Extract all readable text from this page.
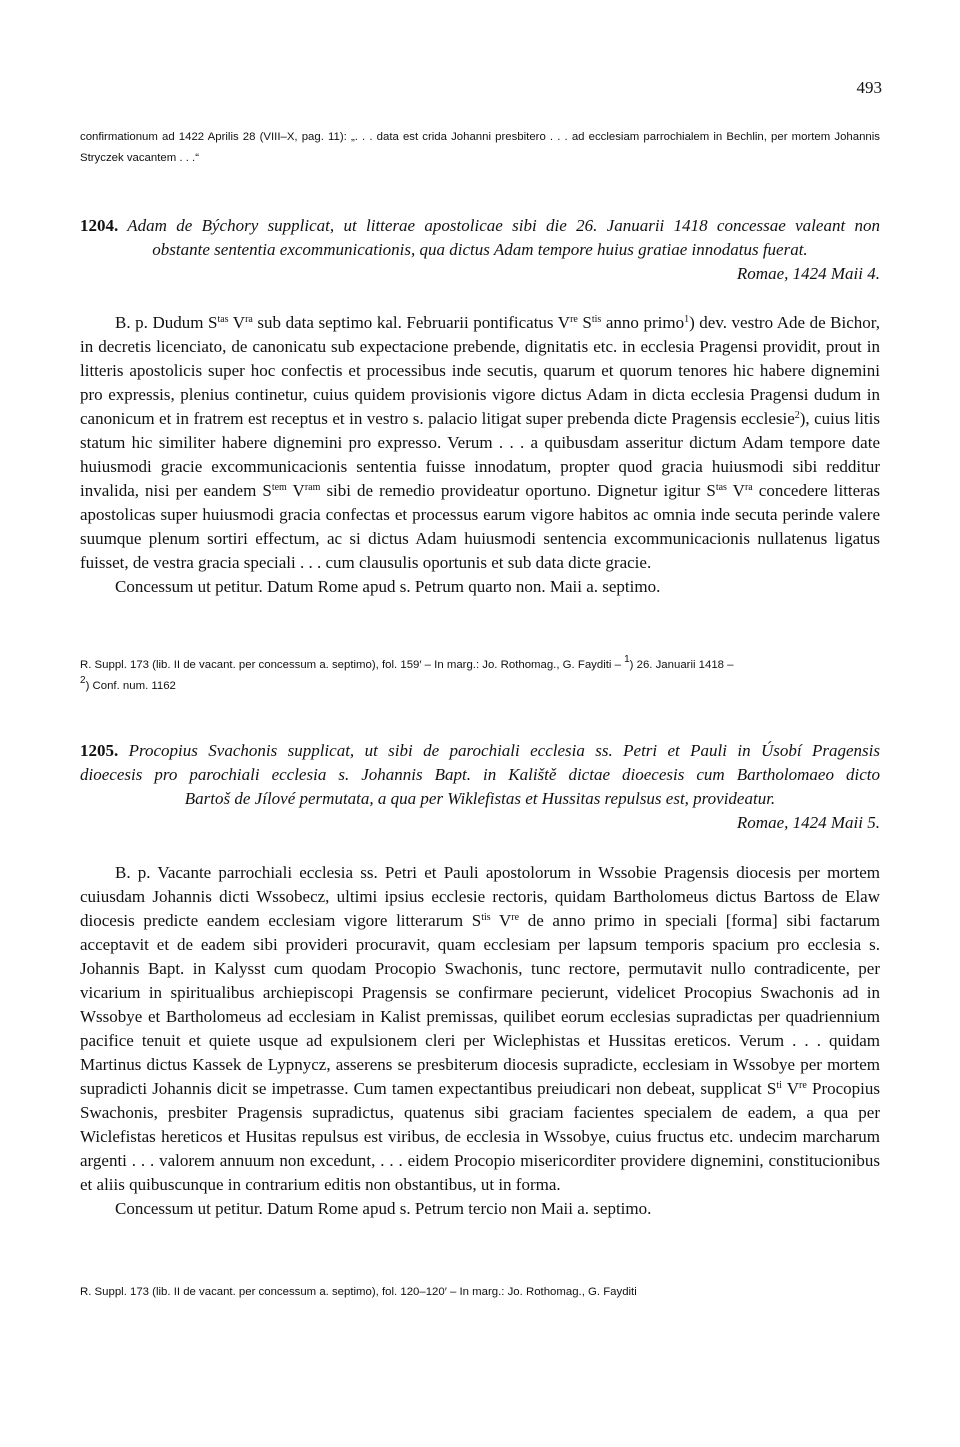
493

confirmationum ad 1422 Aprilis 28 (VIII–X, pag. 11): „. . . data est crida Johanni presbitero . . . ad ecclesiam parrochialem in Bechlin, per mortem Johannis Stryczek vacantem . . .“

1204. Adam de Býchory supplicat, ut litterae apostolicae sibi die 26. Januarii 1418 concessae valeant non
obstante sententia excommunicationis, qua dictus Adam tempore huius gratiae innodatus fuerat.
Romae, 1424 Maii 4.

B. p. Dudum $S^{tas}$ $V^{ra}$ sub data septimo kal. Februarii pontificatus Vre $S^{tis}$ anno primo$^1$) dev. vestro Ade de Bichor, in decretis licenciato, de canonicatu sub expectacione prebende, dignitatis etc. in ecclesia Pragensi providit, prout in litteris apostolicis super hoc confectis et processibus inde secutis, quarum et quorum tenores hic habere dignemini pro expressis, plenius continetur, cuius quidem provisionis vigore dictus Adam in dicta ecclesia Pragensi dudum in canonicum et in fratrem est receptus et in vestro s. palacio litigat super prebenda dicte Pragensis ecclesie$^2$), cuius litis statum hic similiter habere dignemini pro expresso. Verum . . . a quibusdam asseritur dictum Adam tempore date huiusmodi gracie excommunicacionis sententia fuisse innodatum, propter quod gracia huiusmodi sibi redditur invalida, nisi per eandem $S^{tem}$ $V^{ram}$ sibi de remedio provideatur oportuno. Dignetur igitur $S^{tas}$ $V^{ra}$ concedere litteras apostolicas super huiusmodi gracia confectas et processus earum vigore habitos ac omnia inde secuta perinde valere suumque plenum sortiri effectum, ac si dictus Adam huiusmodi sentencia excommunicacionis nullatenus ligatus fuisset, de vestra gracia speciali . . . cum clausulis oportunis et sub data dicte gracie.

Concessum ut petitur. Datum Rome apud s. Petrum quarto non. Maii a. septimo.

R. Suppl. 173 (lib. II de vacant. per concessum a. septimo), fol. 159′ – In marg.: Jo. Rothomag., G. Fayditi – $^1$) 26. Januarii 1418 –
$^2$) Conf. num. 1162

1205. Procopius Svachonis supplicat, ut sibi de parochiali ecclesia ss. Petri et Pauli in Úsobí Pragensis
dioecesis pro parochiali ecclesia s. Johannis Bapt. in Kaliště dictae dioecesis cum Bartholomaeo dicto
Bartoš de Jílové permutata, a qua per Wiklefistas et Hussitas repulsus est, provideatur.
Romae, 1424 Maii 5.

B. p. Vacante parrochiali ecclesia ss. Petri et Pauli apostolorum in Wssobie Pragensis diocesis per mortem cuiusdam Johannis dicti Wssobecz, ultimi ipsius ecclesie rectoris, quidam Bartholomeus dictus Bartoss de Elaw diocesis predicte eandem ecclesiam vigore litterarum $S^{tis}$ Vre de anno primo in speciali [forma] sibi factarum acceptavit et de eadem sibi provideri procuravit, quam ecclesiam per lapsum temporis spacium pro ecclesia s. Johannis Bapt. in Kalysst cum quodam Procopio Swachonis, tunc rectore, permutavit nullo contradicente, per vicarium in spiritualibus archiepiscopi Pragensis se confirmare pecierunt, videlicet Procopius Swachonis ad in Wssobye et Bartholomeus ad ecclesiam in Kalist premissas, quilibet eorum ecclesias supradictas per quadriennium pacifice tenuit et quiete usque ad expulsionem cleri per Wiclephistas et Hussitas ereticos. Verum . . . quidam Martinus dictus Kassek de Lypnycz, asserens se presbiterum diocesis supradicte, ecclesiam in Wssobye per mortem supradicti Johannis dicit se impetrasse. Cum tamen expectantibus preiudicari non debeat, supplicat $S^{ti}$ Vre Procopius Swachonis, presbiter Pragensis supradictus, quatenus sibi graciam facientes specialem de eadem, a qua per Wiclefistas hereticos et Husitas repulsus est viribus, de ecclesia in Wssobye, cuius fructus etc. undecim marcharum argenti . . . valorem annuum non excedunt, . . . eidem Procopio misericorditer providere dignemini, constitucionibus et aliis quibuscunque in contrarium editis non obstantibus, ut in forma.

Concessum ut petitur. Datum Rome apud s. Petrum tercio non Maii a. septimo.

R. Suppl. 173 (lib. II de vacant. per concessum a. septimo), fol. 120–120′ – In marg.: Jo. Rothomag., G. Fayditi
